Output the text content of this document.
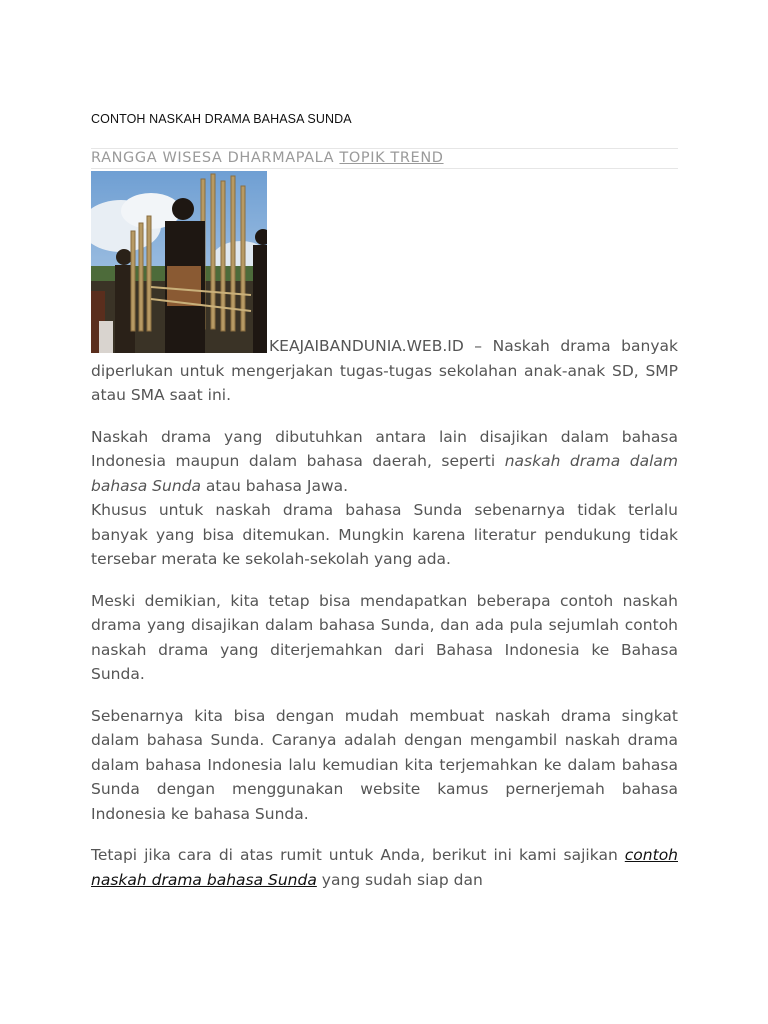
CONTOH NASKAH DRAMA BAHASA SUNDA
RANGGA WISESA DHARMAPALA TOPIK TREND

KEAJAIBANDUNIA.WEB.ID – Naskah drama banyak diperlukan untuk mengerjakan tugas-tugas sekolahan anak-anak SD, SMP atau SMA saat ini.

Naskah drama yang dibutuhkan antara lain disajikan dalam bahasa Indonesia maupun dalam bahasa daerah, seperti naskah drama dalam bahasa Sunda atau bahasa Jawa.

Khusus untuk naskah drama bahasa Sunda sebenarnya tidak terlalu banyak yang bisa ditemukan. Mungkin karena literatur pendukung tidak tersebar merata ke sekolah-sekolah yang ada.

Meski demikian, kita tetap bisa mendapatkan beberapa contoh naskah drama yang disajikan dalam bahasa Sunda, dan ada pula sejumlah contoh naskah drama yang diterjemahkan dari Bahasa Indonesia ke Bahasa Sunda.

Sebenarnya kita bisa dengan mudah membuat naskah drama singkat dalam bahasa Sunda. Caranya adalah dengan mengambil naskah drama dalam bahasa Indonesia lalu kemudian kita terjemahkan ke dalam bahasa Sunda dengan menggunakan website kamus pernerjemah bahasa Indonesia ke bahasa Sunda.

Tetapi jika cara di atas rumit untuk Anda, berikut ini kami sajikan contoh naskah drama bahasa Sunda yang sudah siap dan
